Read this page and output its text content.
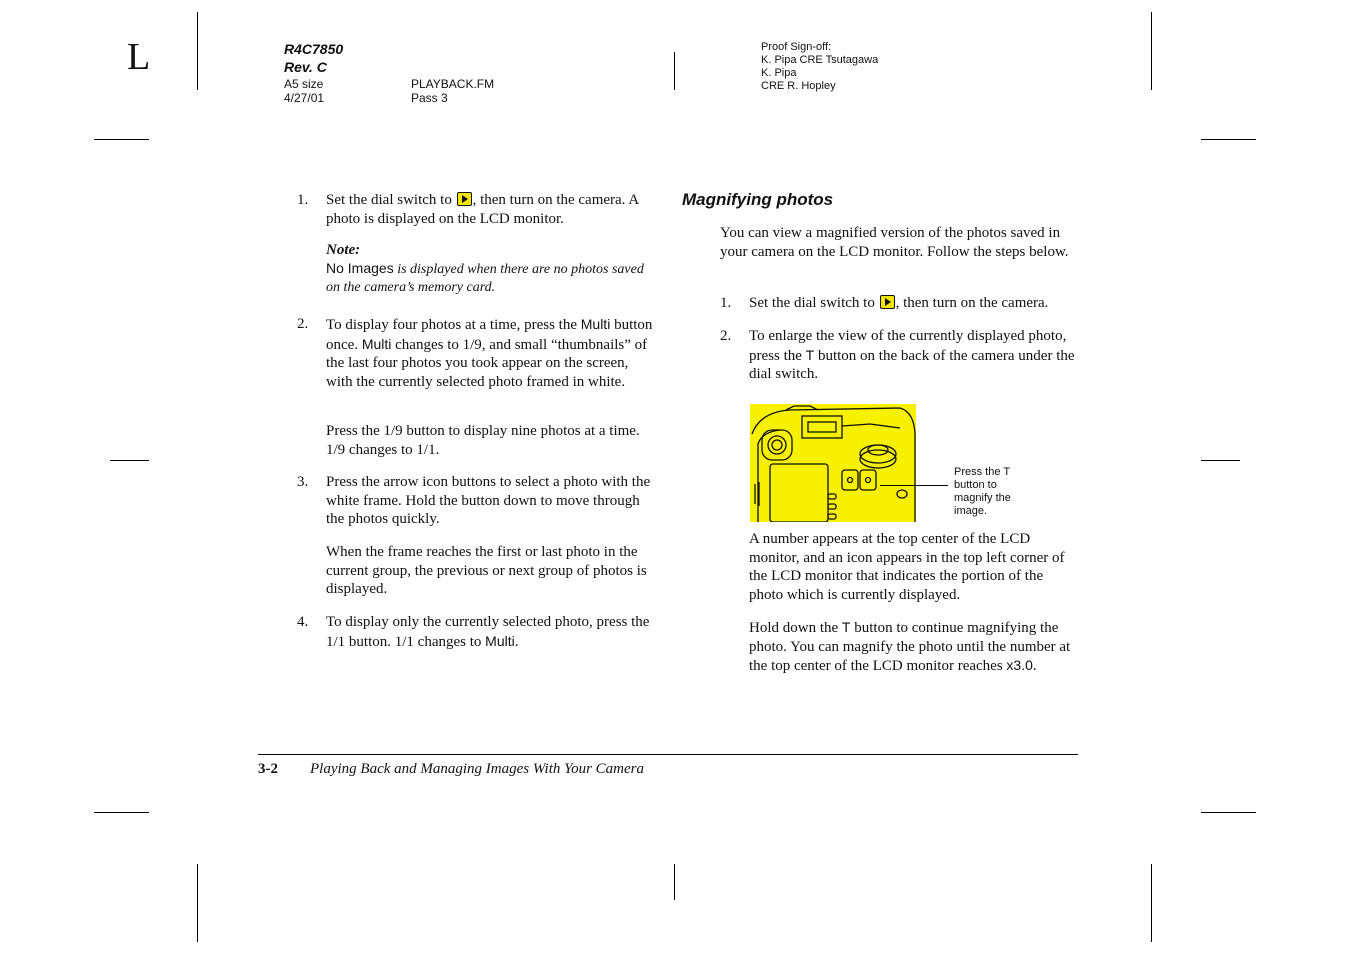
L	R4C7850
Rev. C
A5 size
4/27/01
PLAYBACK.FM
Pass 3
Proof Sign-off:
K. Pipa CRE Tsutagawa
K. Pipa
CRE R. Hopley
1. Set the dial switch to , then turn on the camera. A photo is displayed on the LCD monitor.
Note:
No Images is displayed when there are no photos saved on the camera’s memory card.
2. To display four photos at a time, press the Multi button once. Multi changes to 1/9, and small “thumbnails” of the last four photos you took appear on the screen, with the currently selected photo framed in white.
Press the 1/9 button to display nine photos at a time. 1/9 changes to 1/1.
3. Press the arrow icon buttons to select a photo with the white frame. Hold the button down to move through the photos quickly.
When the frame reaches the first or last photo in the current group, the previous or next group of photos is displayed.
4. To display only the currently selected photo, press the 1/1 button. 1/1 changes to Multi.
Magnifying photos
You can view a magnified version of the photos saved in your camera on the LCD monitor. Follow the steps below.
1. Set the dial switch to , then turn on the camera.
2. To enlarge the view of the currently displayed photo, press the T button on the back of the camera under the dial switch.
Press the T button to magnify the image.
A number appears at the top center of the LCD monitor, and an icon appears in the top left corner of the LCD monitor that indicates the portion of the photo which is currently displayed.
Hold down the T button to continue magnifying the photo. You can magnify the photo until the number at the top center of the LCD monitor reaches x3.0.
3-2 Playing Back and Managing Images With Your Camera
